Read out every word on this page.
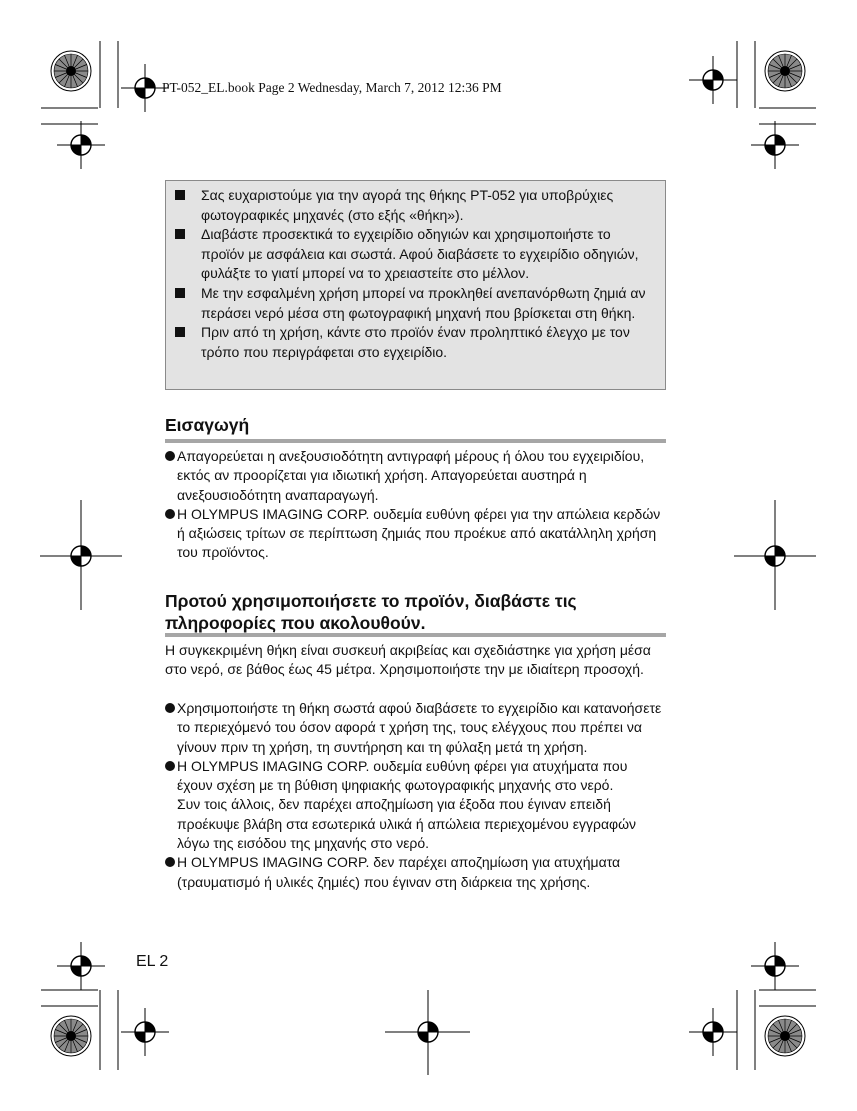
PT-052_EL.book Page 2 Wednesday, March 7, 2012 12:36 PM
Σας ευχαριστούμε για την αγορά της θήκης PT-052 για υποβρύχιες φωτογραφικές μηχανές (στο εξής «θήκη»).
Διαβάστε προσεκτικά το εγχειρίδιο οδηγιών και χρησιμοποιήστε το προϊόν με ασφάλεια και σωστά. Αφού διαβάσετε το εγχειρίδιο οδηγιών, φυλάξτε το γιατί μπορεί να το χρειαστείτε στο μέλλον.
Με την εσφαλμένη χρήση μπορεί να προκληθεί ανεπανόρθωτη ζημιά αν περάσει νερό μέσα στη φωτογραφική μηχανή που βρίσκεται στη θήκη.
Πριν από τη χρήση, κάντε στο προϊόν έναν προληπτικό έλεγχο με τον τρόπο που περιγράφεται στο εγχειρίδιο.
Εισαγωγή
Απαγορεύεται η ανεξουσιοδότητη αντιγραφή μέρους ή όλου του εγχειριδίου, εκτός αν προορίζεται για ιδιωτική χρήση. Απαγορεύεται αυστηρά η ανεξουσιοδότητη αναπαραγωγή.
Η OLYMPUS IMAGING CORP. ουδεμία ευθύνη φέρει για την απώλεια κερδών ή αξιώσεις τρίτων σε περίπτωση ζημιάς που προέκυε από ακατάλληλη χρήση του προϊόντος.
Προτού χρησιμοποιήσετε το προϊόν, διαβάστε τις
πληροφορίες που ακολουθούν.
Η συγκεκριμένη θήκη είναι συσκευή ακριβείας και σχεδιάστηκε για χρήση μέσα στο νερό, σε βάθος έως 45 μέτρα. Χρησιμοποιήστε την με ιδιαίτερη προσοχή.
Χρησιμοποιήστε τη θήκη σωστά αφού διαβάσετε το εγχειρίδιο και κατανοήσετε το περιεχόμενό του όσον αφορά τ χρήση της, τους ελέγχους που πρέπει να γίνουν πριν τη χρήση, τη συντήρηση και τη φύλαξη μετά τη χρήση.
Η OLYMPUS IMAGING CORP. ουδεμία ευθύνη φέρει για ατυχήματα που έχουν σχέση με τη βύθιση ψηφιακής φωτογραφικής μηχανής στο νερό.
Συν τοις άλλοις, δεν παρέχει αποζημίωση για έξοδα που έγιναν επειδή προέκυψε βλάβη στα εσωτερικά υλικά ή απώλεια περιεχομένου εγγραφών λόγω της εισόδου της μηχανής στο νερό.
Η OLYMPUS IMAGING CORP. δεν παρέχει αποζημίωση για ατυχήματα (τραυματισμό ή υλικές ζημιές) που έγιναν στη διάρκεια της χρήσης.
EL 2
